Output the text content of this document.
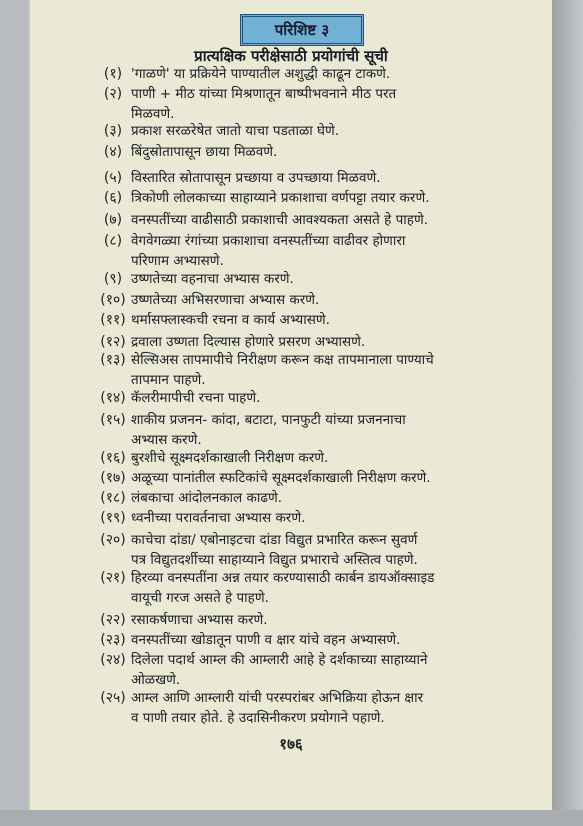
परिशिष्ट ३
प्रात्यक्षिक परीक्षेसाठी प्रयोगांची सूची
(१) 'गाळणे' या प्रक्रियेने पाण्यातील अशुद्धी काढून टाकणे.
(२) पाणी + मीठ यांच्या मिश्रणातून बाष्पीभवनाने मीठ परत
मिळवणे.
(३) प्रकाश सरळरेषेत जातो याचा पडताळा घेणे.
(४) बिंदुस्रोतापासून छाया मिळवणे.
(५) विस्तारित स्रोतापासून प्रच्छाया व उपच्छाया मिळवणे.
(६) त्रिकोणी लोलकाच्या साहाय्याने प्रकाशाचा वर्णपट्टा तयार करणे.
(७) वनस्पतींच्या वाढीसाठी प्रकाशाची आवश्यकता असते हे पाहणे.
(८) वेगवेगळ्या रंगांच्या प्रकाशाचा वनस्पतींच्या वाढीवर होणारा
परिणाम अभ्यासणे.
(९) उष्णतेच्या वहनाचा अभ्यास करणे.
(१०) उष्णतेच्या अभिसरणाचा अभ्यास करणे.
(११) थर्मासफ्लास्कची रचना व कार्य अभ्यासणे.
(१२) द्रवाला उष्णता दिल्यास होणारे प्रसरण अभ्यासणे.
(१३) सेल्सिअस तापमापीचे निरीक्षण करून कक्ष तापमानाला पाण्याचे
तापमान पाहणे.
(१४) कॅलरीमापीची रचना पाहणे.
(१५) शाकीय प्रजनन- कांदा, बटाटा, पानफुटी यांच्या प्रजननाचा
अभ्यास करणे.
(१६) बुरशीचे सूक्ष्मदर्शकाखाली निरीक्षण करणे.
(१७) अळूच्या पानांतील स्फटिकांचे सूक्ष्मदर्शकाखाली निरीक्षण करणे.
(१८) लंबकाचा आंदोलनकाल काढणे.
(१९) ध्वनीच्या परावर्तनाचा अभ्यास करणे.
(२०) काचेचा दांडा/ एबोनाइटचा दांडा विद्युत प्रभारित करून सुवर्ण
पत्र विद्युतदर्शीच्या साहाय्याने विद्युत प्रभाराचे अस्तित्व पाहणे.
(२१) हिरव्या वनस्पतींना अन्न तयार करण्यासाठी कार्बन डायऑक्साइड
वायूची गरज असते हे पाहणे.
(२२) रसाकर्षणाचा अभ्यास करणे.
(२३) वनस्पतींच्या खोडातून पाणी व क्षार यांचे वहन अभ्यासणे.
(२४) दिलेला पदार्थ आम्ल की आम्लारी आहे हे दर्शकाच्या साहाय्याने
ओळखणे.
(२५) आम्ल आणि आम्लारी यांची परस्परांबर अभिक्रिया होऊन क्षार
व पाणी तयार होते. हे उदासिनीकरण प्रयोगाने पहाणे.
१७६
